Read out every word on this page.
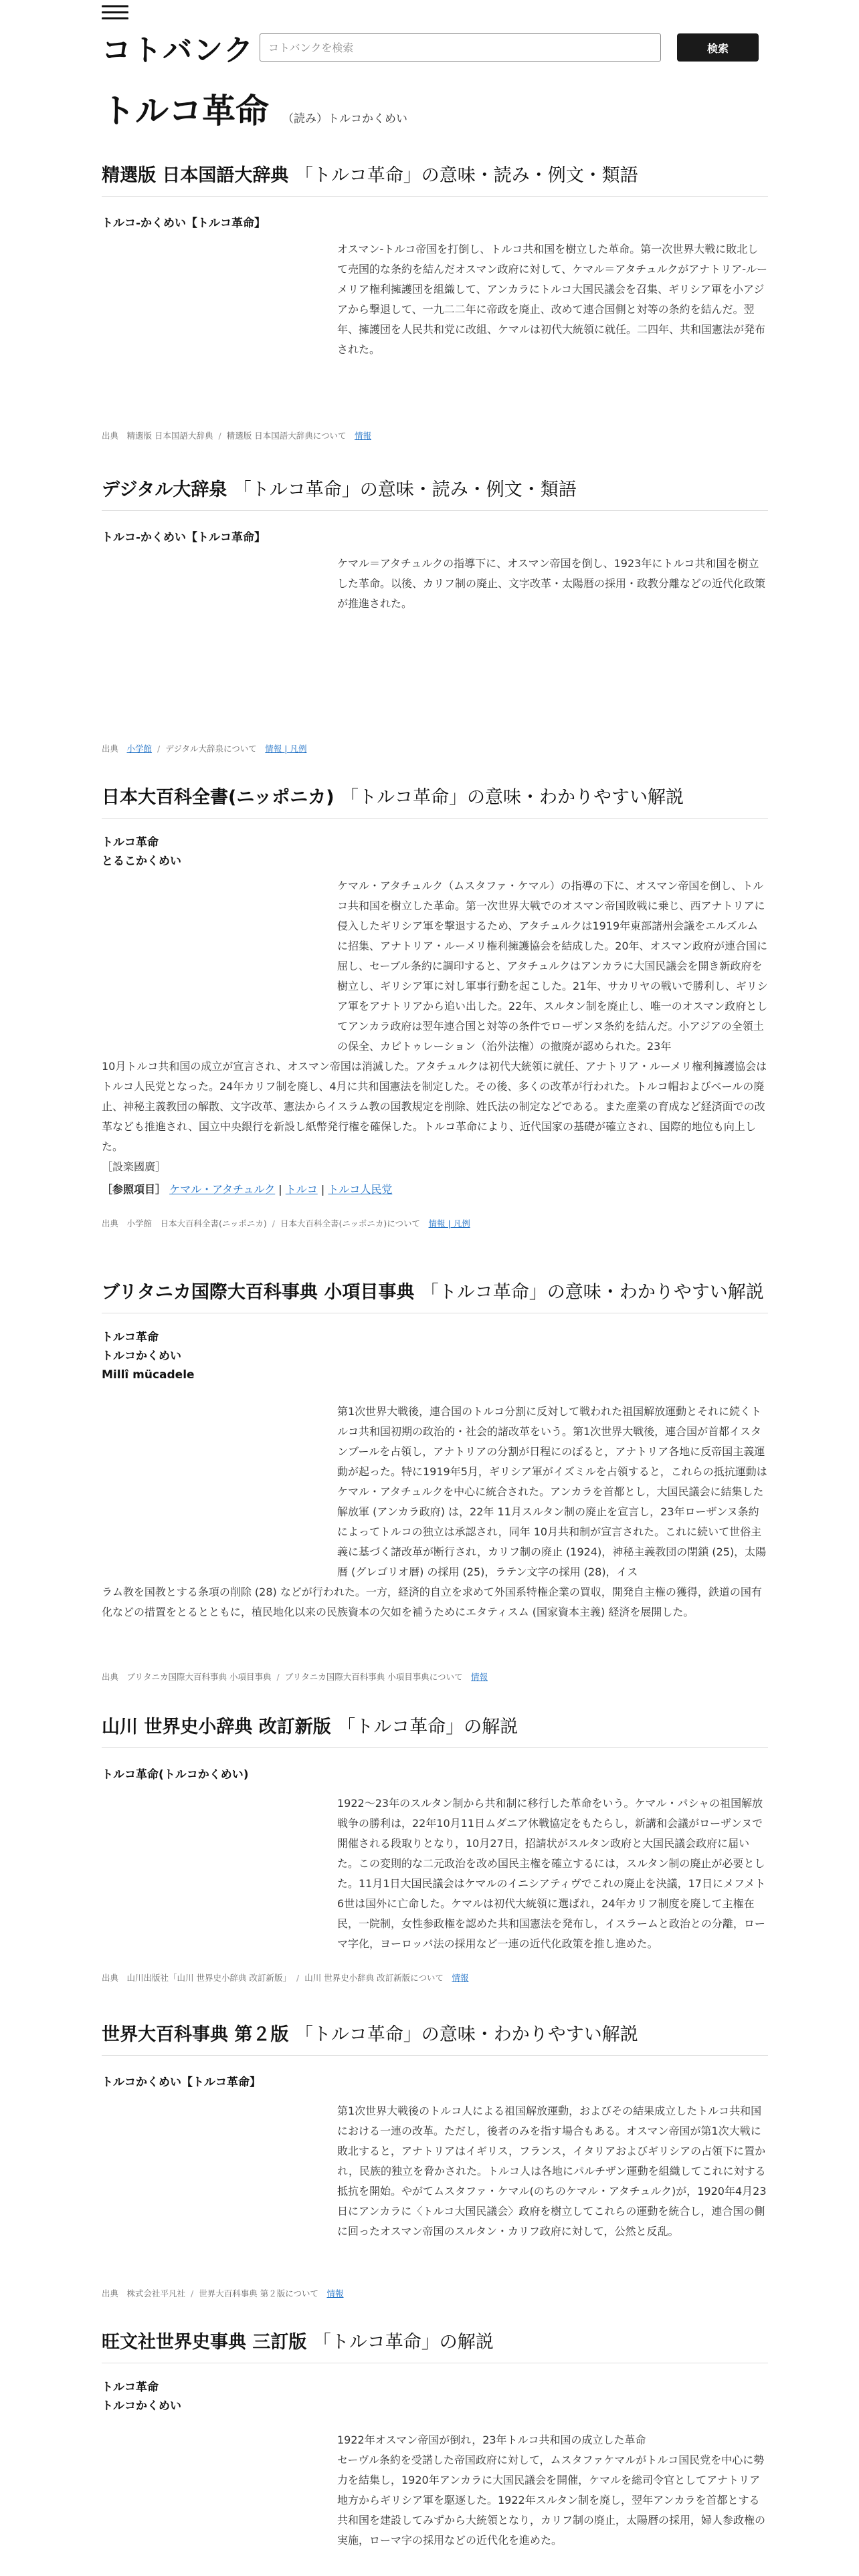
コトバンク
コトバンクを検索	検索
トルコ革命 （読み）トルコかくめい
精選版 日本国語大辞典 「トルコ革命」の意味・読み・例文・類語
トルコ‐かくめい【トルコ革命】

オスマン‐トルコ帝国を打倒し、トルコ共和国を樹立した革命。第一次世界大戦に敗北して売国的な条約を結んだオスマン政府に対して、ケマル＝アタチュルクがアナトリア‐ルーメリア権利擁護団を組織して、アンカラにトルコ大国民議会を召集、ギリシア軍を小アジアから撃退して、一九二二年に帝政を廃止、改めて連合国側と対等の条約を結んだ。翌年、擁護団を人民共和党に改組、ケマルは初代大統領に就任。二四年、共和国憲法が発布された。

出典　 精選版 日本国語大辞典 / 精選版 日本国語大辞典について　 情報
デジタル大辞泉 「トルコ革命」の意味・読み・例文・類語
トルコ‐かくめい【トルコ革命】

ケマル＝アタチュルクの指導下に、オスマン帝国を倒し、1923年にトルコ共和国を樹立した革命。以後、カリフ制の廃止、文字改革・太陽暦の採用・政教分離などの近代化政策が推進された。

出典　 小学館 / デジタル大辞泉について　 情報 | 凡例
日本大百科全書(ニッポニカ) 「トルコ革命」の意味・わかりやすい解説
トルコ革命
とるこかくめい

ケマル・アタチュルク（ムスタファ・ケマル）の指導の下に、オスマン帝国を倒し、トルコ共和国を樹立した革命。第一次世界大戦でのオスマン帝国敗戦に乗じ、西アナトリアに侵入したギリシア軍を撃退するため、アタチュルクは1919年東部諸州会議をエルズルムに招集、アナトリア・ルーメリ権利擁護協会を結成した。20年、オスマン政府が連合国に屈し、セーブル条約に調印すると、アタチュルクはアンカラに大国民議会を開き新政府を樹立し、ギリシア軍に対し軍事行動を起こした。21年、サカリヤの戦いで勝利し、ギリシア軍をアナトリアから追い出した。22年、スルタン制を廃止し、唯一のオスマン政府としてアンカラ政府は翌年連合国と対等の条件でローザンヌ条約を結んだ。小アジアの全領土の保全、カピトゥレーション（治外法権）の撤廃が認められた。23年

10月トルコ共和国の成立が宣言され、オスマン帝国は消滅した。アタチュルクは初代大統領に就任、アナトリア・ルーメリ権利擁護協会はトルコ人民党となった。24年カリフ制を廃し、4月に共和国憲法を制定した。その後、多くの改革が行われた。トルコ帽およびベールの廃止、神秘主義教団の解散、文字改革、憲法からイスラム教の国教規定を削除、姓氏法の制定などである。また産業の育成など経済面での改革なども推進され、国立中央銀行を新設し紙幣発行権を確保した。トルコ革命により、近代国家の基礎が確立され、国際的地位も向上した。

［設楽國廣］

［参照項目］ ケマル・アタチュルク | トルコ | トルコ人民党
出典　 小学館　日本大百科全書(ニッポニカ) / 日本大百科全書(ニッポニカ)について　 情報 | 凡例
ブリタニカ国際大百科事典 小項目事典 「トルコ革命」の意味・わかりやすい解説
トルコ革命
トルコかくめい
Millî mücadele

第1次世界大戦後，連合国のトルコ分割に反対して戦われた祖国解放運動とそれに続くトルコ共和国初期の政治的・社会的諸改革をいう。第1次世界大戦後，連合国が首都イスタンブールを占領し，アナトリアの分割が日程にのぼると，アナトリア各地に反帝国主義運動が起った。特に1919年5月，ギリシア軍がイズミルを占領すると，これらの抵抗運動はケマル・アタチュルクを中心に統合された。アンカラを首都とし，大国民議会に結集した解放軍 (アンカラ政府) は，22年 11月スルタン制の廃止を宣言し，23年ローザンヌ条約によってトルコの独立は承認され，同年 10月共和制が宣言された。これに続いて世俗主義に基づく諸改革が断行され，カリフ制の廃止 (1924)，神秘主義教団の閉鎖 (25)，太陽暦 (グレゴリオ暦) の採用 (25)，ラテン文字の採用 (28)，イス

ラム教を国教とする条項の削除 (28) などが行われた。一方，経済的自立を求めて外国系特権企業の買収，開発自主権の獲得，鉄道の国有化などの措置をとるとともに，植民地化以来の民族資本の欠如を補うためにエタティスム (国家資本主義) 経済を展開した。

出典　 ブリタニカ国際大百科事典 小項目事典 / ブリタニカ国際大百科事典 小項目事典について　 情報
山川 世界史小辞典 改訂新版 「トルコ革命」の解説
トルコ革命(トルコかくめい)

1922～23年のスルタン制から共和制に移行した革命をいう。ケマル・パシャの祖国解放戦争の勝利は，22年10月11日ムダニア休戦協定をもたらし，新講和会議がローザンヌで開催される段取りとなり，10月27日，招請状がスルタン政府と大国民議会政府に届いた。この変則的な二元政治を改め国民主権を確立するには，スルタン制の廃止が必要とした。11月1日大国民議会はケマルのイニシアティヴでこれの廃止を決議，17日にメフメト6世は国外に亡命した。ケマルは初代大統領に選ばれ，24年カリフ制度を廃して主権在民，一院制，女性参政権を認めた共和国憲法を発布し，イスラームと政治との分離，ローマ字化，ヨーロッパ法の採用など一連の近代化政策を推し進めた。

出典　 山川出版社「山川 世界史小辞典 改訂新版」 / 山川 世界史小辞典 改訂新版について　 情報
世界大百科事典 第２版 「トルコ革命」の意味・わかりやすい解説
トルコかくめい【トルコ革命】

第1次世界大戦後のトルコ人による祖国解放運動，およびその結果成立したトルコ共和国における一連の改革。ただし，後者のみを指す場合もある。オスマン帝国が第1次大戦に敗北すると，アナトリアはイギリス，フランス，イタリアおよびギリシアの占領下に置かれ，民族的独立を脅かされた。トルコ人は各地にパルチザン運動を組織してこれに対する抵抗を開始。やがてムスタファ・ケマル(のちのケマル・アタチュルク)が，1920年4月23日にアンカラに〈トルコ大国民議会〉政府を樹立してこれらの運動を統合し，連合国の側に回ったオスマン帝国のスルタン・カリフ政府に対して，公然と反乱。

出典　 株式会社平凡社 / 世界大百科事典 第２版について　 情報
旺文社世界史事典 三訂版 「トルコ革命」の解説
トルコ革命
トルコかくめい

1922年オスマン帝国が倒れ，23年トルコ共和国の成立した革命
セーヴル条約を受諾した帝国政府に対して，ムスタファケマルがトルコ国民党を中心に勢力を結集し，1920年アンカラに大国民議会を開催，ケマルを総司令官としてアナトリア地方からギリシア軍を駆逐した。1922年スルタン制を廃し，翌年アンカラを首都とする共和国を建設してみずから大統領となり，カリフ制の廃止，太陽暦の採用，婦人参政権の実施，ローマ字の採用などの近代化を進めた。
